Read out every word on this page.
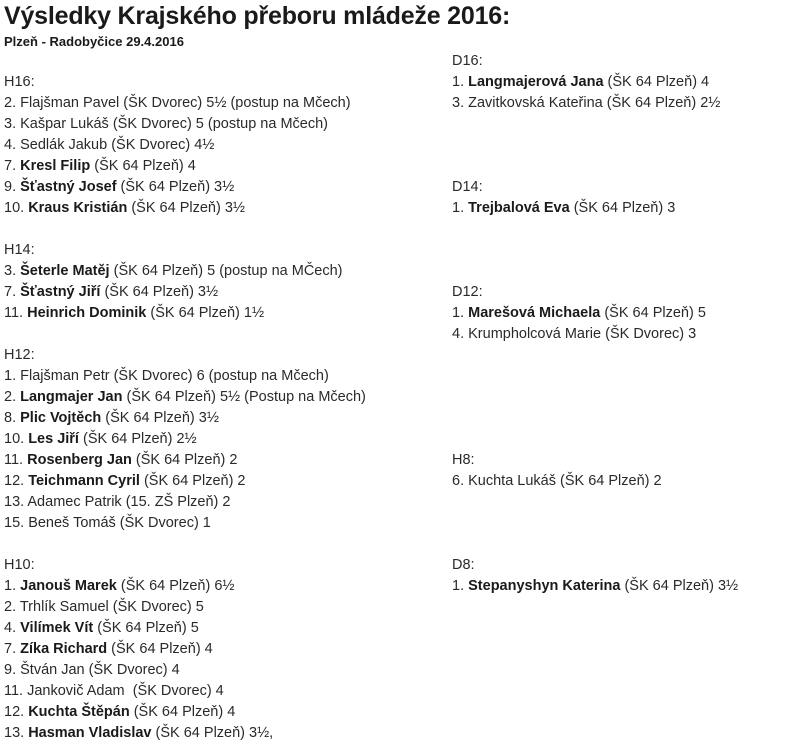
Výsledky Krajského přeboru mládeže 2016:
Plzeň - Radobyčice 29.4.2016
H16:
2. Flajšman Pavel (ŠK Dvorec) 5½ (postup na Mčech)
3. Kašpar Lukáš (ŠK Dvorec) 5 (postup na Mčech)
4. Sedlák Jakub (ŠK Dvorec) 4½
7. Kresl Filip (ŠK 64 Plzeň) 4
9. Šťastný Josef (ŠK 64 Plzeň) 3½
10. Kraus Kristián (ŠK 64 Plzeň) 3½
H14:
3. Šeterle Matěj (ŠK 64 Plzeň) 5 (postup na MČech)
7. Šťastný Jiří (ŠK 64 Plzeň) 3½
11. Heinrich Dominik (ŠK 64 Plzeň) 1½
H12:
1. Flajšman Petr (ŠK Dvorec) 6 (postup na Mčech)
2. Langmajer Jan (ŠK 64 Plzeň) 5½ (Postup na Mčech)
8. Plic Vojtěch (ŠK 64 Plzeň) 3½
10. Les Jiří (ŠK 64 Plzeň) 2½
11. Rosenberg Jan (ŠK 64 Plzeň) 2
12. Teichmann Cyril (ŠK 64 Plzeň) 2
13. Adamec Patrik (15. ZŠ Plzeň) 2
15. Beneš Tomáš (ŠK Dvorec) 1
H10:
1. Janouš Marek (ŠK 64 Plzeň) 6½
2. Trhlík Samuel (ŠK Dvorec) 5
4. Vilímek Vít (ŠK 64 Plzeň) 5
7. Zíka Richard (ŠK 64 Plzeň) 4
9. Štván Jan (ŠK Dvorec) 4
11. Jankovič Adam  (ŠK Dvorec) 4
12. Kuchta Štěpán (ŠK 64 Plzeň) 4
13. Hasman Vladislav (ŠK 64 Plzeň) 3½,
D16:
1. Langmajerová Jana (ŠK 64 Plzeň) 4
3. Zavitkovská Kateřina (ŠK 64 Plzeň) 2½
D14:
1. Trejbalová Eva (ŠK 64 Plzeň) 3
D12:
1. Marešová Michaela (ŠK 64 Plzeň) 5
4. Krumpholcová Marie (ŠK Dvorec) 3
H8:
6. Kuchta Lukáš (ŠK 64 Plzeň) 2
D8:
1. Stepanyshyn Katerina (ŠK 64 Plzeň) 3½
